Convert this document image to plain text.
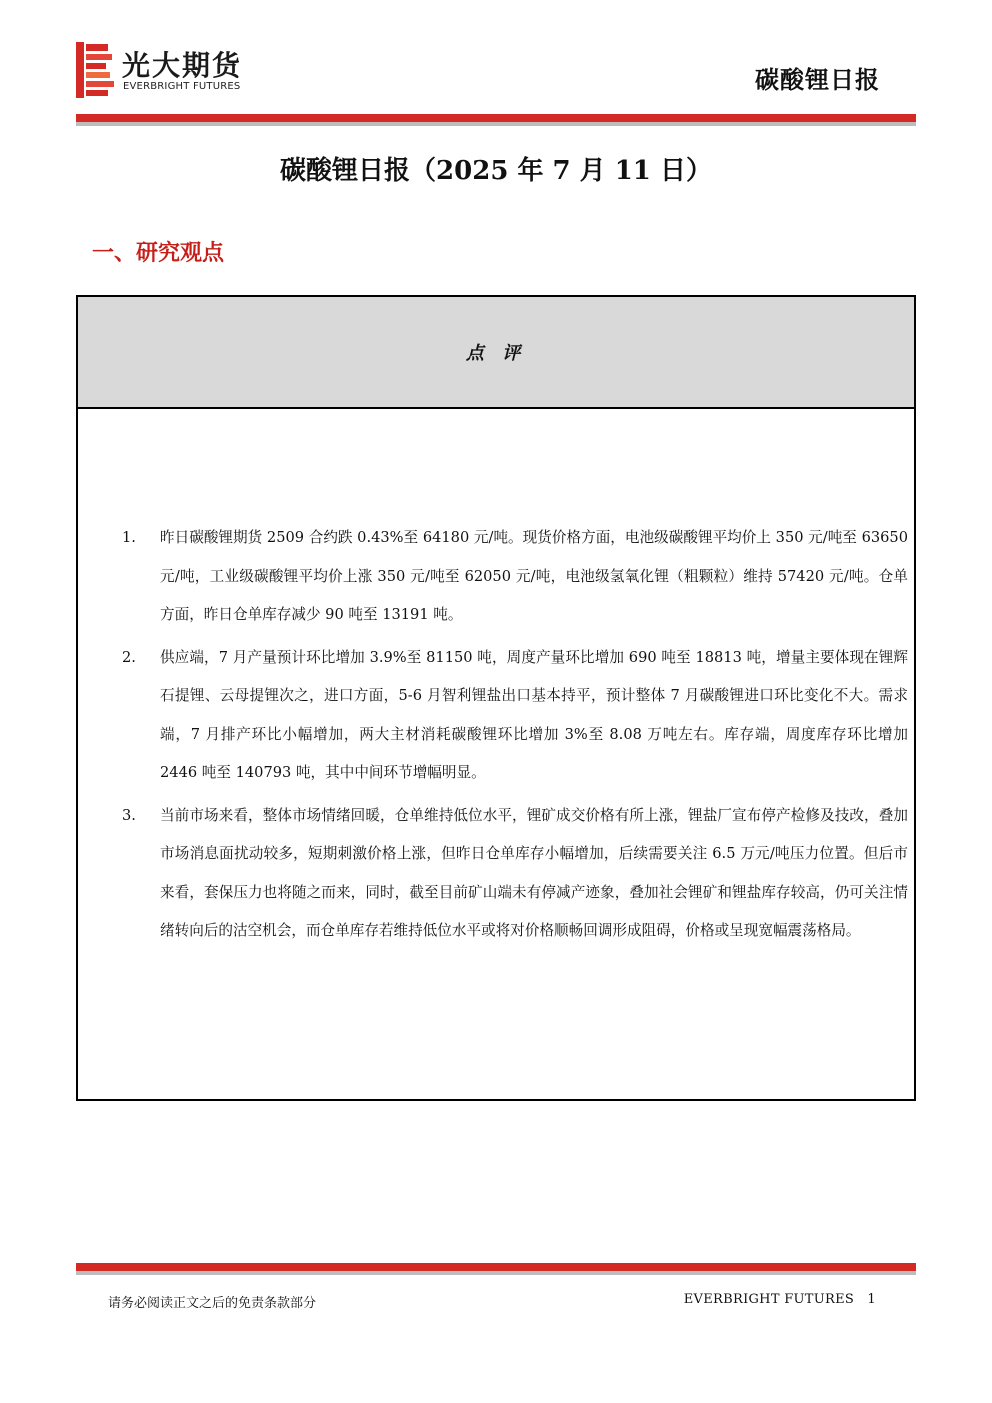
光大期货
EVERBRIGHT FUTURES	碳酸锂日报
碳酸锂日报（2025 年 7 月 11 日）
一、研究观点
点 评
1. 昨日碳酸锂期货 2509 合约跌 0.43%至 64180 元/吨。现货价格方面，电池级碳酸锂平均价上 350 元/吨至 63650 元/吨，工业级碳酸锂平均价上涨 350 元/吨至 62050 元/吨，电池级氢氧化锂（粗颗粒）维持 57420 元/吨。仓单方面，昨日仓单库存减少 90 吨至 13191 吨。
2. 供应端，7 月产量预计环比增加 3.9%至 81150 吨，周度产量环比增加 690 吨至 18813 吨，增量主要体现在锂辉石提锂、云母提锂次之，进口方面，5-6 月智利锂盐出口基本持平，预计整体 7 月碳酸锂进口环比变化不大。需求端，7 月排产环比小幅增加，两大主材消耗碳酸锂环比增加 3%至 8.08 万吨左右。库存端，周度库存环比增加 2446 吨至 140793 吨，其中中间环节增幅明显。
3. 当前市场来看，整体市场情绪回暖，仓单维持低位水平，锂矿成交价格有所上涨，锂盐厂宣布停产检修及技改，叠加市场消息面扰动较多，短期刺激价格上涨，但昨日仓单库存小幅增加，后续需要关注 6.5 万元/吨压力位置。但后市来看，套保压力也将随之而来，同时，截至目前矿山端未有停减产迹象，叠加社会锂矿和锂盐库存较高，仍可关注情绪转向后的沽空机会，而仓单库存若维持低位水平或将对价格顺畅回调形成阻碍，价格或呈现宽幅震荡格局。
请务必阅读正文之后的免责条款部分	EVERBRIGHT FUTURES 1
